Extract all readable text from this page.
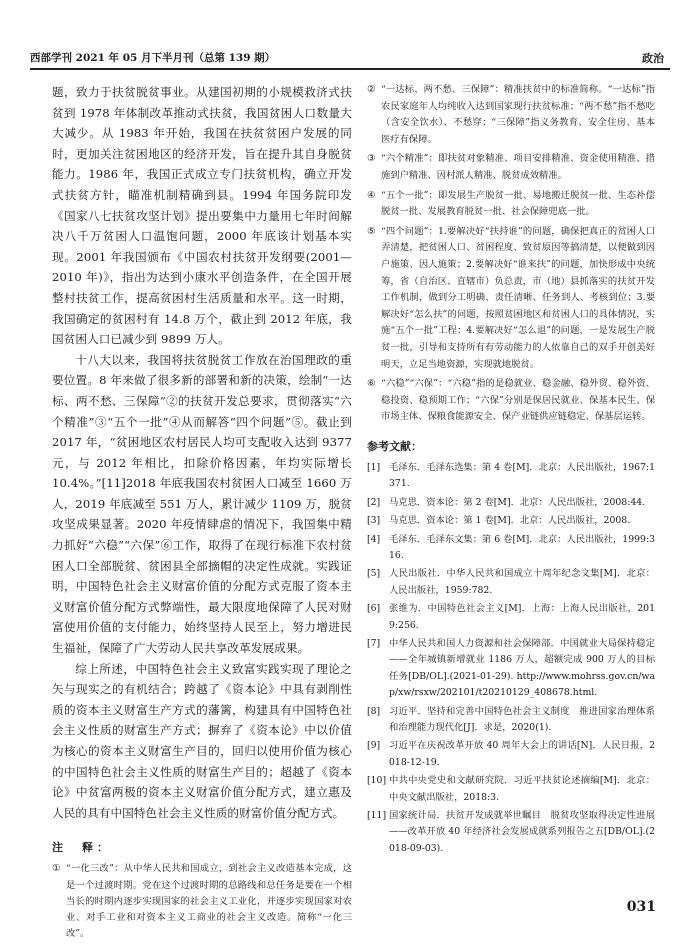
西部学刊 2021 年 05 月下半月刊（总第 139 期）	政治

题，致力于扶贫脱贫事业。从建国初期的小规模救济式扶贫到 1978 年体制改革推动式扶贫，我国贫困人口数量大大减少。从 1983 年开始，我国在扶贫贫困户发展的同时，更加关注贫困地区的经济开发，旨在提升其自身脱贫能力。1986 年，我国正式成立专门扶贫机构，确立开发式扶贫方针，瞄准机制精确到县。1994 年国务院印发《国家八七扶贫攻坚计划》提出要集中力量用七年时间解决八千万贫困人口温饱问题，2000 年底该计划基本实现。2001 年我国颁布《中国农村扶贫开发纲要(2001—2010 年)》，指出为达到小康水平创造条件，在全国开展整村扶贫工作，提高贫困村生活质量和水平。这一时期，我国确定的贫困村有 14.8 万个，截止到 2012 年底，我国贫困人口已减少到 9899 万人。

十八大以来，我国将扶贫脱贫工作放在治国理政的重要位置。8 年来做了很多新的部署和新的决策，绘制“一达标、两不愁、三保障”②的扶贫开发总要求，贯彻落实“六个精准”③“五个一批”④从而解答“四个问题”⑤。截止到 2017 年，“贫困地区农村居民人均可支配收入达到 9377 元，与 2012 年相比，扣除价格因素，年均实际增长 10.4%。”[11]2018 年底我国农村贫困人口减至 1660 万人，2019 年底减至 551 万人，累计减少 1109 万，脱贫攻坚成果显著。2020 年疫情肆虐的情况下，我国集中精力抓好“六稳”“六保”⑥工作，取得了在现行标准下农村贫困人口全部脱贫、贫困县全部摘帽的决定性成就。实践证明，中国特色社会主义财富价值的分配方式克服了资本主义财富价值分配方式弊端性，最大限度地保障了人民对财富使用价值的支付能力，始终坚持人民至上，努力增进民生福祉，保障了广大劳动人民共享改革发展成果。

综上所述，中国特色社会主义致富实践实现了理论之矢与现实之的有机结合；跨越了《资本论》中具有剥削性质的资本主义财富生产方式的藩篱，构建具有中国特色社会主义性质的财富生产方式；摒弃了《资本论》中以价值为核心的资本主义财富生产目的，回归以使用价值为核心的中国特色社会主义性质的财富生产目的；超越了《资本论》中贫富两极的资本主义财富价值分配方式，建立惠及人民的具有中国特色社会主义性质的财富价值分配方式。

注　释：
① “一化三改”：从中华人民共和国成立，到社会主义改造基本完成，这是一个过渡时期。党在这个过渡时期的总路线和总任务是要在一个相当长的时期内逐步实现国家的社会主义工业化，并逐步实现国家对农业、对手工业和对资本主义工商业的社会主义改造。简称“一化三改”。
② “一达标、两不愁、三保障”：精准扶贫中的标准简称。“一达标”指农民家庭年人均纯收入达到国家现行扶贫标准；“两不愁”指不愁吃（含安全饮水）、不愁穿；“三保障”指义务教育、安全住房、基本医疗有保障。
③ “六个精准”：即扶贫对象精准、项目安排精准、资金使用精准、措施到户精准、因村派人精准、脱贫成效精准。
④ “五个一批”：即发展生产脱贫一批、易地搬迁脱贫一批、生态补偿脱贫一批、发展教育脱贫一批、社会保障兜底一批。
⑤ “四个问题”：1.要解决好“扶持谁”的问题，确保把真正的贫困人口弄清楚，把贫困人口、贫困程度、致贫原因等搞清楚，以便做到因户施策、因人施策；2.要解决好“谁来扶”的问题，加快形成中央统筹，省（自治区、直辖市）负总责，市（地）县抓落实的扶贫开发工作机制，做到分工明确、责任清晰、任务到人、考核到位；3.要解决好“怎么扶”的问题，按照贫困地区和贫困人口的具体情况，实施“五个一批”工程；4.要解决好“怎么退”的问题，一是发展生产脱贫一批，引导和支持所有有劳动能力的人依靠自己的双手开创美好明天，立足当地资源，实现就地脱贫。
⑥ “六稳”“六保”：“六稳”指的是稳就业、稳金融、稳外贸、稳外资、稳投资、稳预期工作；“六保”分别是保居民就业、保基本民生、保市场主体、保粮食能源安全、保产业链供应链稳定、保基层运转。
参考文献：
[1] 毛泽东．毛泽东选集：第 4 卷[M]．北京：人民出版社，1967:1371.
[2] 马克思．资本论：第 2 卷[M]．北京：人民出版社，2008:44.
[3] 马克思．资本论：第 1 卷[M]．北京：人民出版社，2008.
[4] 毛泽东．毛泽东文集：第 6 卷[M]．北京：人民出版社，1999:316.
[5] 人民出版社．中华人民共和国成立十周年纪念文集[M]．北京：人民出版社，1959:782.
[6] 张维为．中国特色社会主义[M]．上海：上海人民出版社，2019:256.
[7] 中华人民共和国人力资源和社会保障部．中国就业大局保持稳定——全年城镇新增就业 1186 万人，超额完成 900 万人的目标任务[DB/OL].(2021-01-29). http://www.mohrss.gov.cn/wap/xw/rsxw/202101/t20210129_408678.html.
[8] 习近平．坚持和完善中国特色社会主义制度　推进国家治理体系和治理能力现代化[J]．求是，2020(1).
[9] 习近平在庆祝改革开放 40 周年大会上的讲话[N]．人民日报，2018-12-19.
[10] 中共中央党史和文献研究院．习近平扶贫论述摘编[M]．北京：中央文献出版社，2018:3.
[11] 国家统计局．扶贫开发成就举世瞩目　脱贫攻坚取得决定性进展——改革开放 40 年经济社会发展成就系列报告之五[DB/OL].(2018-09-03).
031
